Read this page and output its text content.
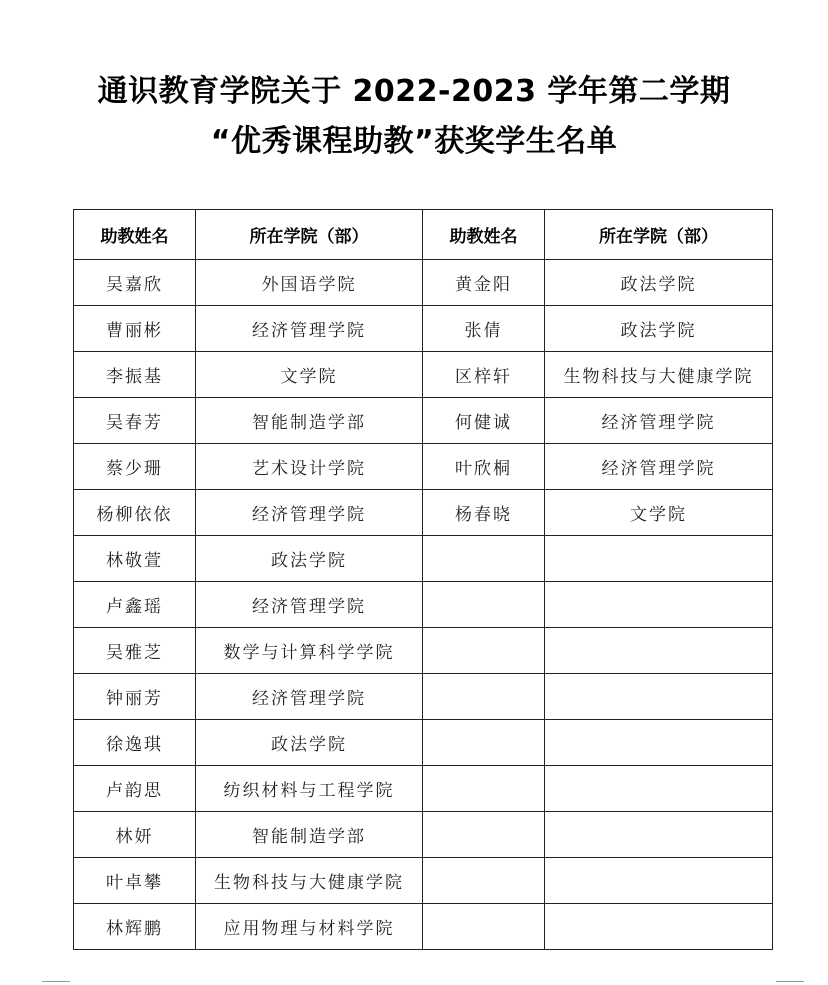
通识教育学院关于 2022-2023 学年第二学期
“优秀课程助教”获奖学生名单
助教姓名	所在学院（部）	助教姓名	所在学院（部）
吴嘉欣	外国语学院	黄金阳	政法学院
曹丽彬	经济管理学院	张倩	政法学院
李振基	文学院	区梓轩	生物科技与大健康学院
吴春芳	智能制造学部	何健诚	经济管理学院
蔡少珊	艺术设计学院	叶欣桐	经济管理学院
杨柳依依	经济管理学院	杨春晓	文学院
林敬萱	政法学院		
卢鑫瑶	经济管理学院		
吴雅芝	数学与计算科学学院		
钟丽芳	经济管理学院		
徐逸琪	政法学院		
卢韵思	纺织材料与工程学院		
林妍	智能制造学部		
叶卓攀	生物科技与大健康学院		
林辉鹏	应用物理与材料学院		
